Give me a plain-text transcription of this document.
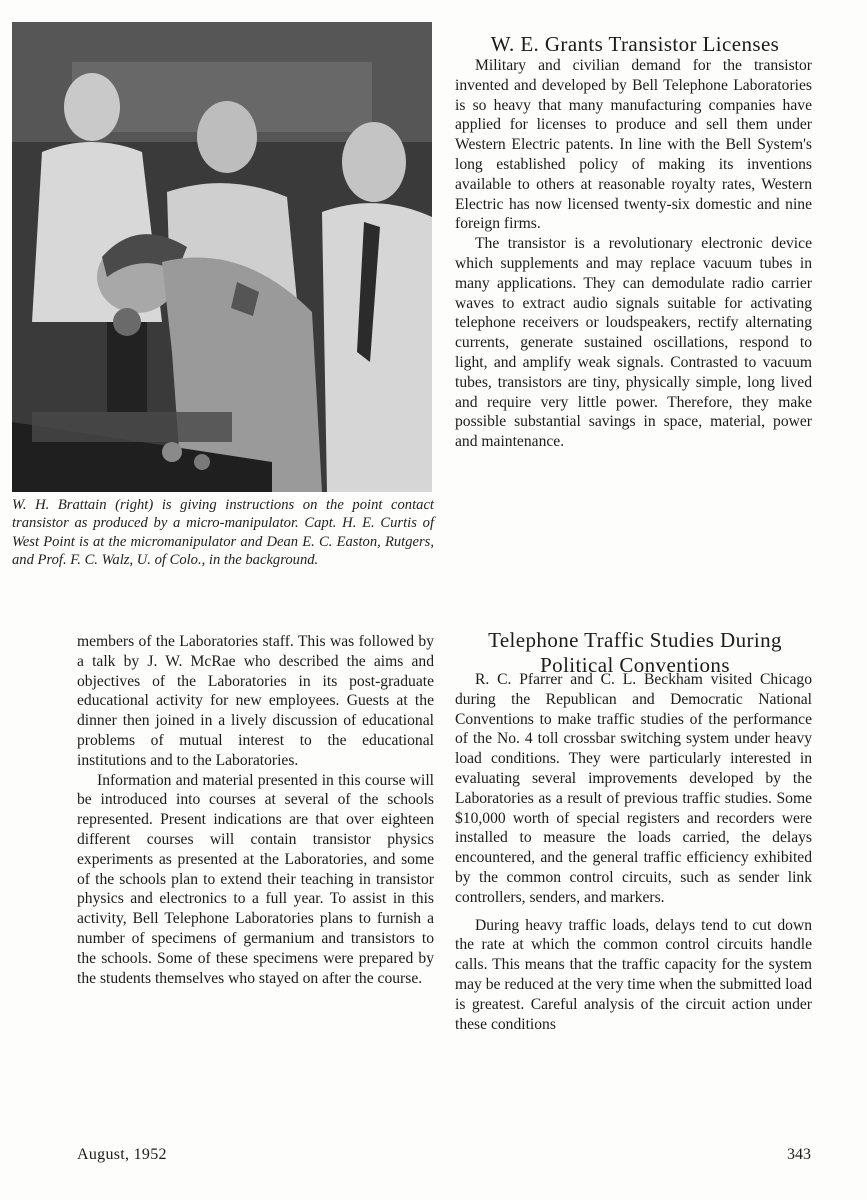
W. H. Brattain (right) is giving instructions on the point contact transistor as produced by a micro-manipulator. Capt. H. E. Curtis of West Point is at the micromanipulator and Dean E. C. Easton, Rutgers, and Prof. F. C. Walz, U. of Colo., in the background.

members of the Laboratories staff. This was followed by a talk by J. W. McRae who described the aims and objectives of the Laboratories in its post-graduate educational activity for new employees. Guests at the dinner then joined in a lively discussion of educational problems of mutual interest to the educational institutions and to the Laboratories.

Information and material presented in this course will be introduced into courses at several of the schools represented. Present indications are that over eighteen different courses will contain transistor physics experiments as presented at the Laboratories, and some of the schools plan to extend their teaching in transistor physics and electronics to a full year. To assist in this activity, Bell Telephone Laboratories plans to furnish a number of specimens of germanium and transistors to the schools. Some of these specimens were prepared by the students themselves who stayed on after the course.

W. E. Grants Transistor Licenses

Military and civilian demand for the transistor invented and developed by Bell Telephone Laboratories is so heavy that many manufacturing companies have applied for licenses to produce and sell them under Western Electric patents. In line with the Bell System's long established policy of making its inventions available to others at reasonable royalty rates, Western Electric has now licensed twenty-six domestic and nine foreign firms.

The transistor is a revolutionary electronic device which supplements and may replace vacuum tubes in many applications. They can demodulate radio carrier waves to extract audio signals suitable for activating telephone receivers or loudspeakers, rectify alternating currents, generate sustained oscillations, respond to light, and amplify weak signals. Contrasted to vacuum tubes, transistors are tiny, physically simple, long lived and require very little power. Therefore, they make possible substantial savings in space, material, power and maintenance.

Telephone Traffic Studies During Political Conventions

R. C. Pfarrer and C. L. Beckham visited Chicago during the Republican and Democratic National Conventions to make traffic studies of the performance of the No. 4 toll crossbar switching system under heavy load conditions. They were particularly interested in evaluating several improvements developed by the Laboratories as a result of previous traffic studies. Some $10,000 worth of special registers and recorders were installed to measure the loads carried, the delays encountered, and the general traffic efficiency exhibited by the common control circuits, such as sender link controllers, senders, and markers.

During heavy traffic loads, delays tend to cut down the rate at which the common control circuits handle calls. This means that the traffic capacity for the system may be reduced at the very time when the submitted load is greatest. Careful analysis of the circuit action under these conditions

August, 1952	343
